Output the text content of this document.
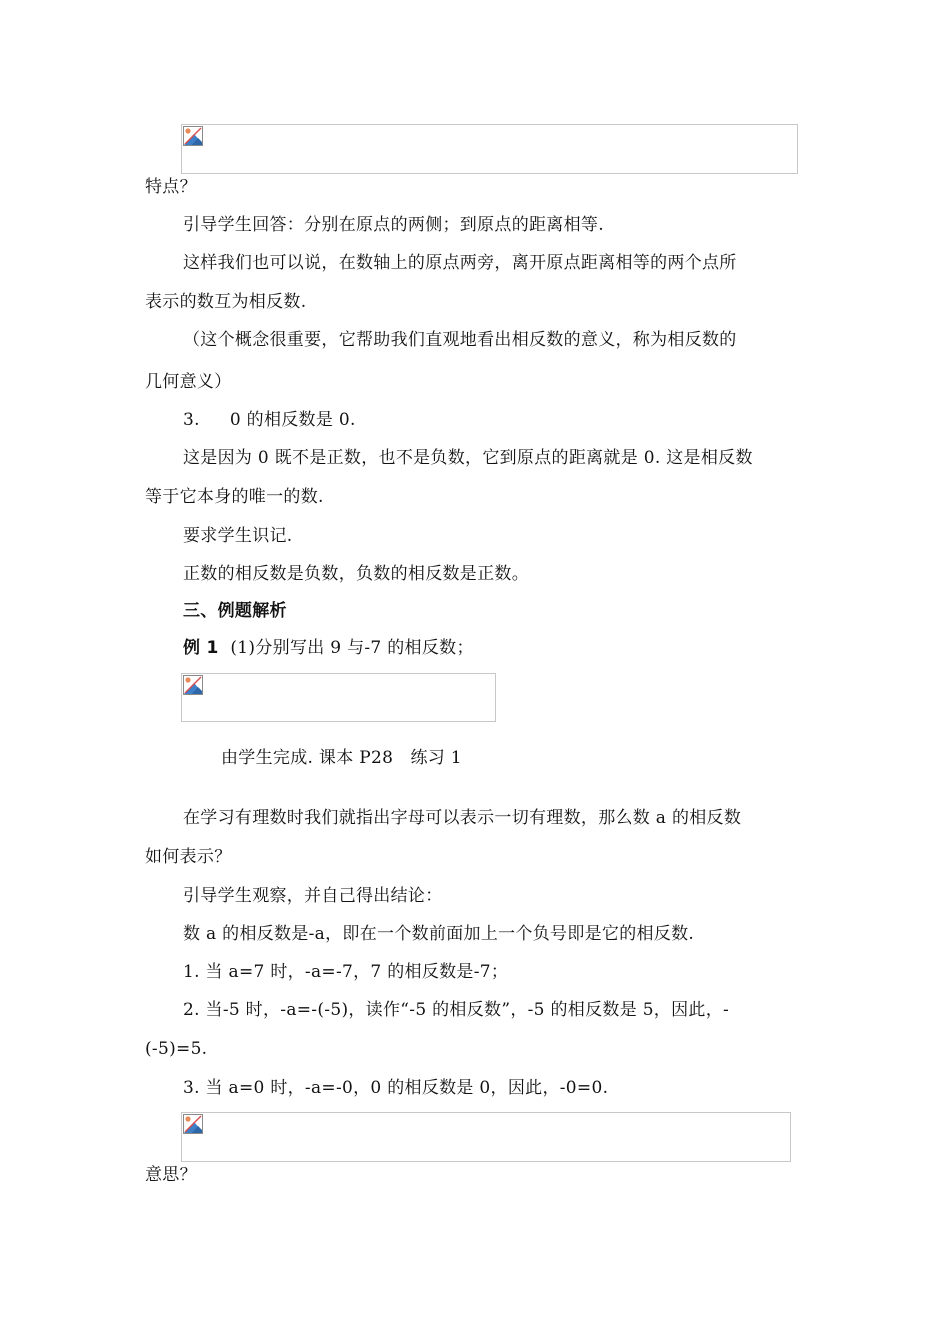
特点？
引导学生回答：分别在原点的两侧；到原点的距离相等.
这样我们也可以说，在数轴上的原点两旁，离开原点距离相等的两个点所
表示的数互为相反数.
（这个概念很重要，它帮助我们直观地看出相反数的意义，称为相反数的
几何意义）
3. 0 的相反数是 0.
这是因为 0 既不是正数，也不是负数，它到原点的距离就是 0. 这是相反数
等于它本身的唯一的数.
要求学生识记.
正数的相反数是负数，负数的相反数是正数。
三、例题解析
例 1 (1)分别写出 9 与-7 的相反数；
由学生完成. 课本 P28　练习 1
在学习有理数时我们就指出字母可以表示一切有理数，那么数 a 的相反数
如何表示？
引导学生观察，并自己得出结论：
数 a 的相反数是-a，即在一个数前面加上一个负号即是它的相反数.
1. 当 a=7 时，-a=-7，7 的相反数是-7；
2. 当-5 时，-a=-(-5)，读作“-5 的相反数”，-5 的相反数是 5，因此，-
(-5)=5.
3. 当 a=0 时，-a=-0，0 的相反数是 0，因此，-0=0.
意思？
